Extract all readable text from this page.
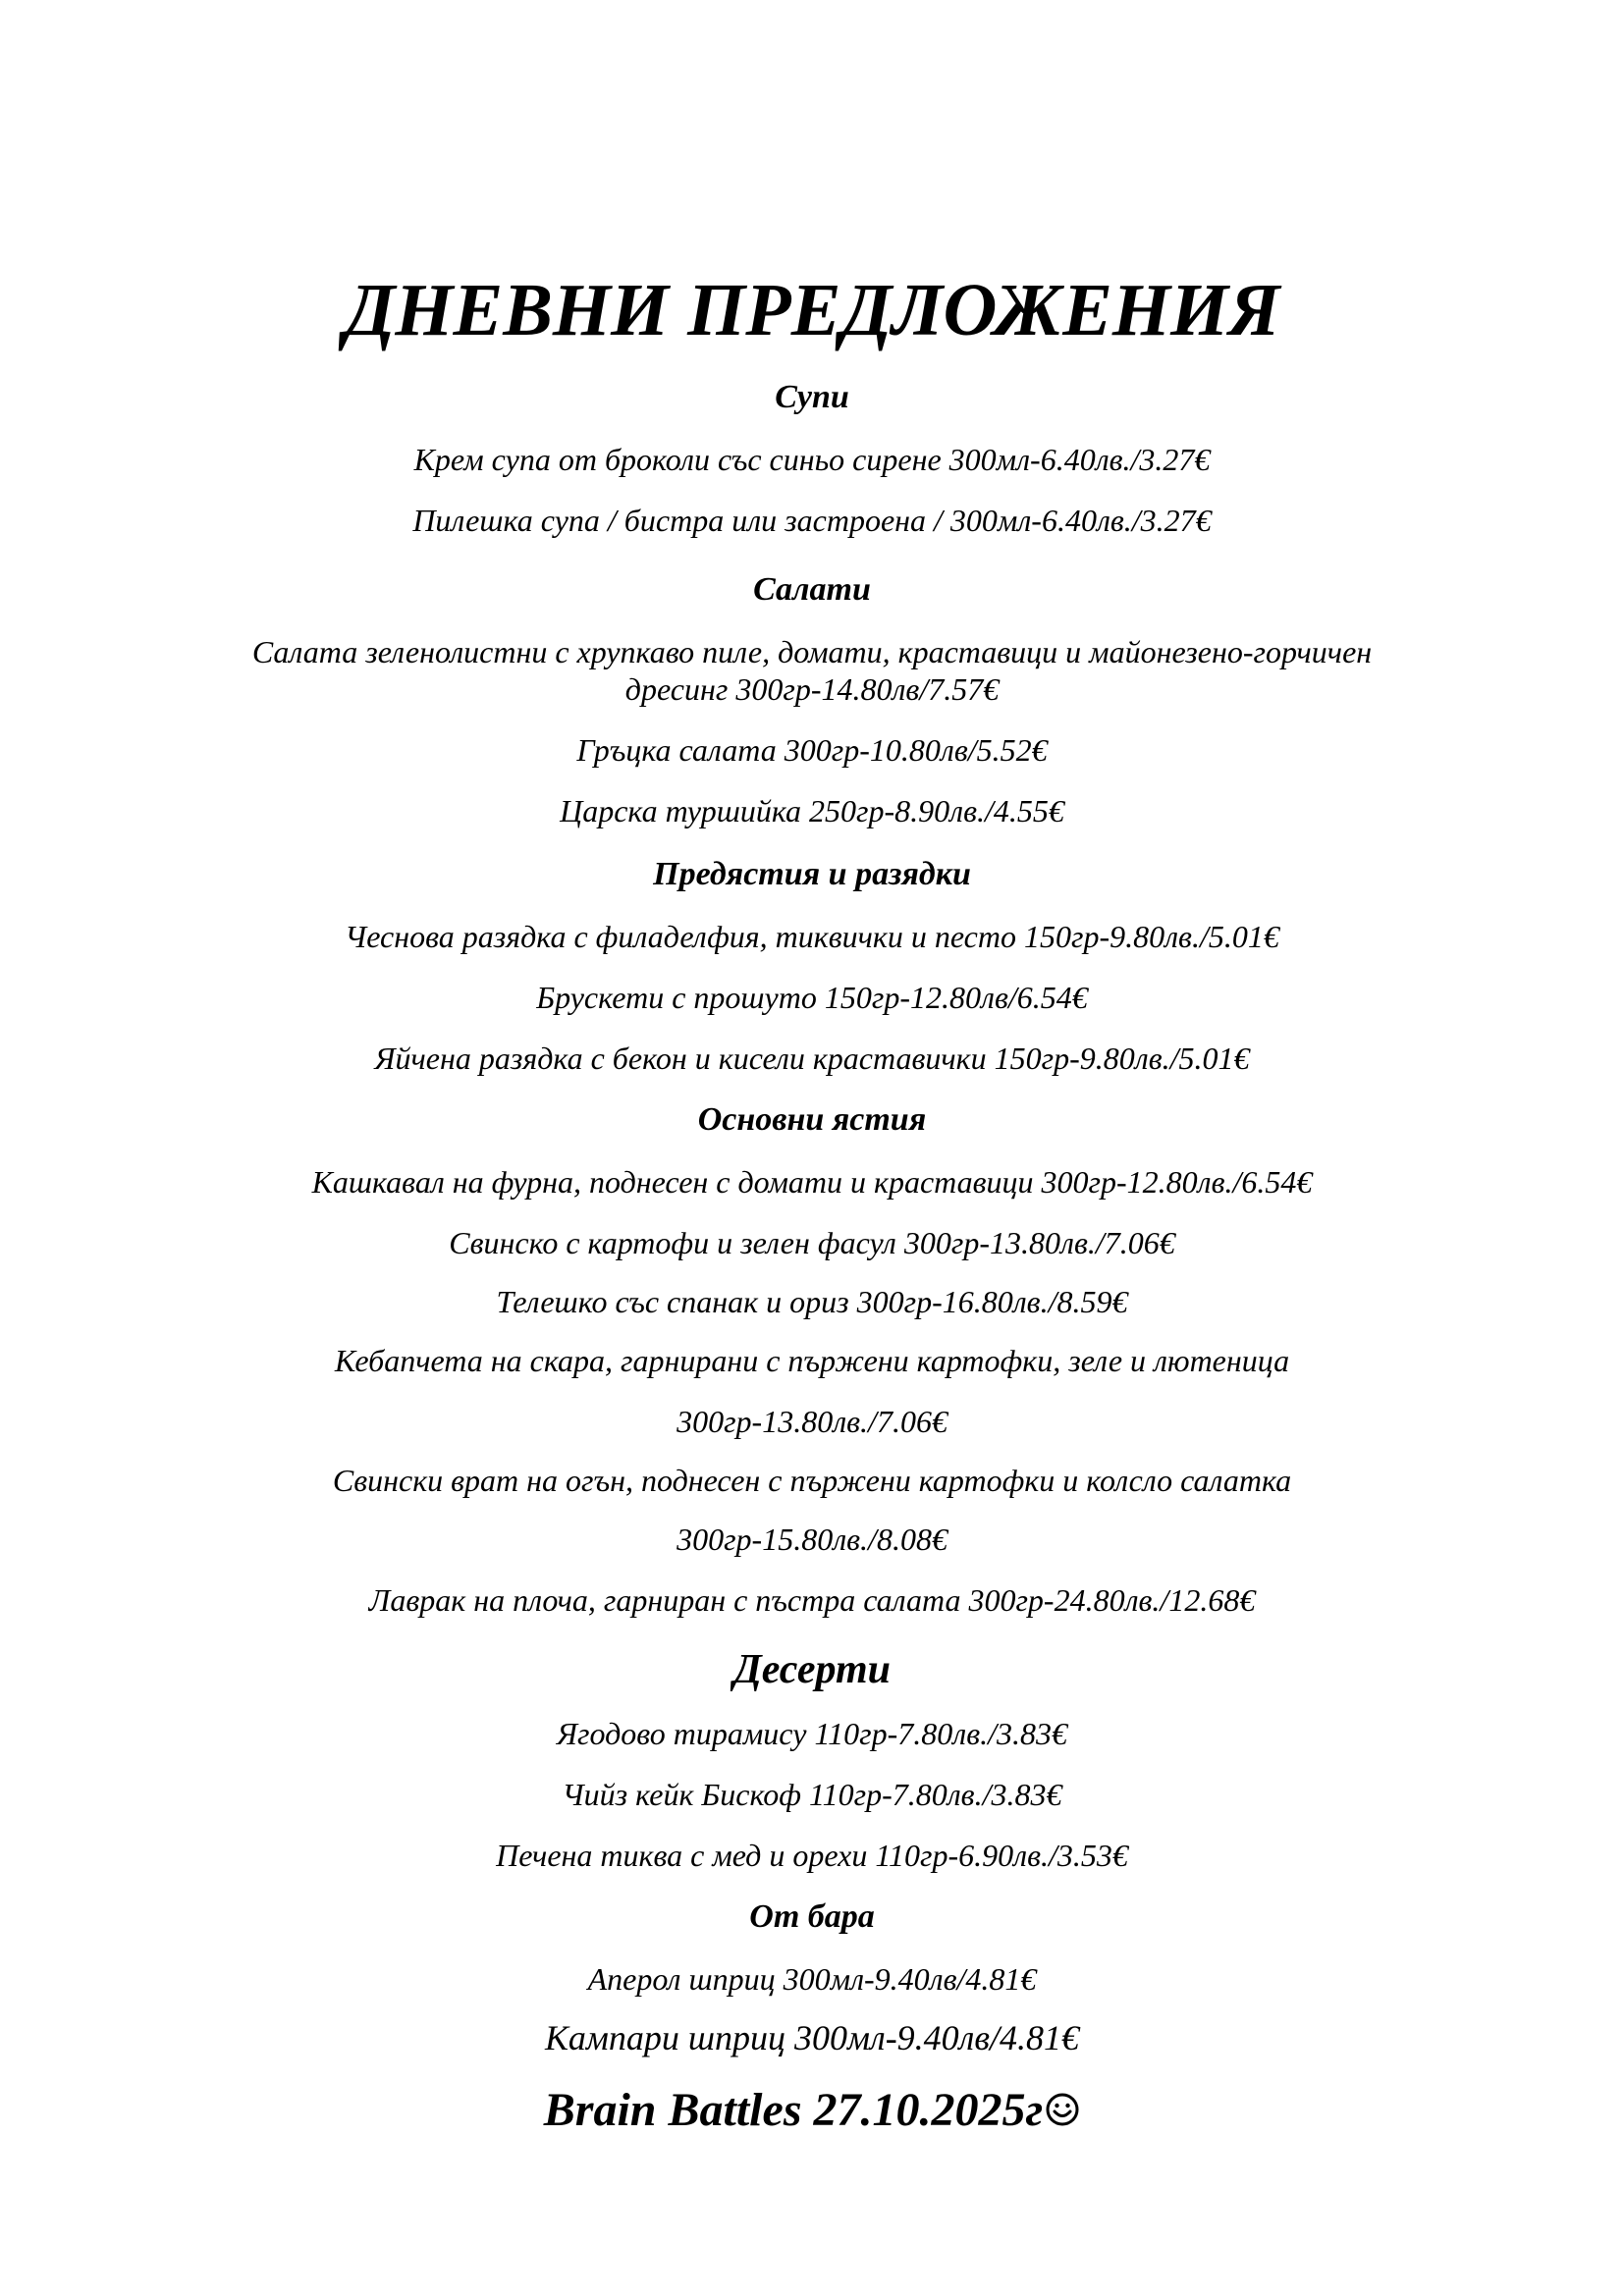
ДНЕВНИ ПРЕДЛОЖЕНИЯ
Супи
Крем супа от броколи със синьо сирене 300мл-6.40лв./3.27€
Пилешка супа / бистра или застроена / 300мл-6.40лв./3.27€
Салати
Салата зеленолистни с хрупкаво пиле, домати, краставици и майонезено-горчичен
дресинг 300гр-14.80лв/7.57€
Гръцка салата 300гр-10.80лв/5.52€
Царска туршийка 250гр-8.90лв./4.55€
Предястия и разядки
Чеснова разядка с филаделфия, тиквички и песто 150гр-9.80лв./5.01€
Брускети с прошуто 150гр-12.80лв/6.54€
Яйчена разядка с бекон и кисели краставички 150гр-9.80лв./5.01€
Основни ястия
Кашкавал на фурна, поднесен с домати и краставици 300гр-12.80лв./6.54€
Свинско с картофи и зелен фасул 300гр-13.80лв./7.06€
Телешко със спанак и ориз 300гр-16.80лв./8.59€
Кебапчета на скара, гарнирани с пържени картофки, зеле и лютеница
300гр-13.80лв./7.06€
Свински врат на огън, поднесен с пържени картофки и колсло салатка
300гр-15.80лв./8.08€
Лаврак на плоча, гарниран с пъстра салата 300гр-24.80лв./12.68€
Десерти
Ягодово тирамису 110гр-7.80лв./3.83€
Чийз кейк Бискоф 110гр-7.80лв./3.83€
Печена тиква с мед и орехи 110гр-6.90лв./3.53€
От бара
Аперол шприц 300мл-9.40лв/4.81€
Кампари шприц 300мл-9.40лв/4.81€
Brain Battles 27.10.2025г
